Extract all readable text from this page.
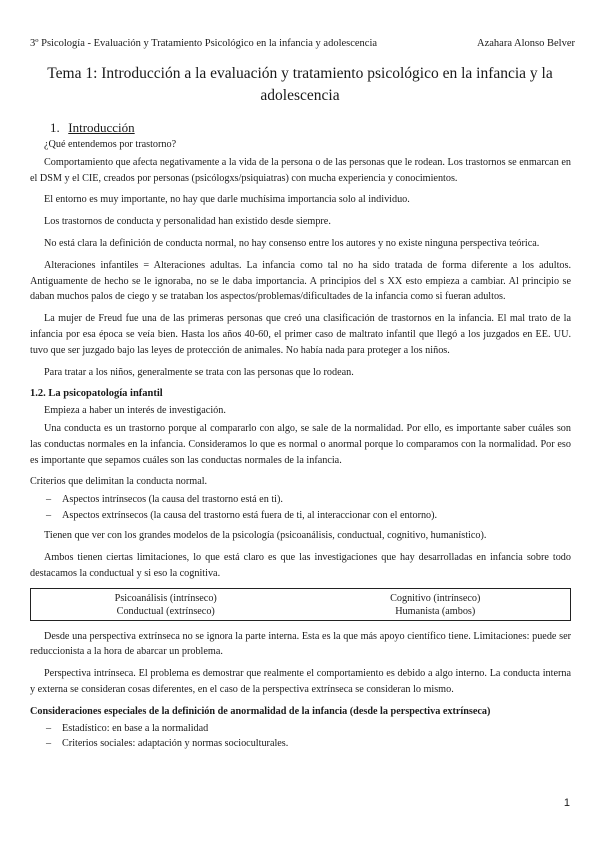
3º Psicología - Evaluación y Tratamiento Psicológico en la infancia y adolescencia	Azahara Alonso Belver
Tema 1: Introducción a la evaluación y tratamiento psicológico en la infancia y la adolescencia
1. Introducción

¿Qué entendemos por trastorno?

Comportamiento que afecta negativamente a la vida de la persona o de las personas que le rodean. Los trastornos se enmarcan en el DSM y el CIE, creados por personas (psicólogxs/psiquiatras) con mucha experiencia y conocimientos.

El entorno es muy importante, no hay que darle muchísima importancia solo al individuo.

Los trastornos de conducta y personalidad han existido desde siempre.

No está clara la definición de conducta normal, no hay consenso entre los autores y no existe ninguna perspectiva teórica.

Alteraciones infantiles = Alteraciones adultas. La infancia como tal no ha sido tratada de forma diferente a los adultos. Antiguamente de hecho se le ignoraba, no se le daba importancia. A principios del s XX esto empieza a cambiar. Al principio se daban muchos palos de ciego y se trataban los aspectos/problemas/dificultades de la infancia como si fueran adultos.

La mujer de Freud fue una de las primeras personas que creó una clasificación de trastornos en la infancia. El mal trato de la infancia por esa época se veía bien. Hasta los años 40-60, el primer caso de maltrato infantil que llegó a los juzgados en EE. UU. tuvo que ser juzgado bajo las leyes de protección de animales. No había nada para proteger a los niños.

Para tratar a los niños, generalmente se trata con las personas que lo rodean.

1.2. La psicopatología infantil

Empieza a haber un interés de investigación.

Una conducta es un trastorno porque al compararlo con algo, se sale de la normalidad. Por ello, es importante saber cuáles son las conductas normales en la infancia. Consideramos lo que es normal o anormal porque lo comparamos con la normalidad. Por eso es importante que sepamos cuáles son las conductas normales de la infancia.

Criterios que delimitan la conducta normal.

– Aspectos intrínsecos (la causa del trastorno está en ti).
– Aspectos extrínsecos (la causa del trastorno está fuera de ti, al interaccionar con el entorno).

Tienen que ver con los grandes modelos de la psicología (psicoanálisis, conductual, cognitivo, humanístico).

Ambos tienen ciertas limitaciones, lo que está claro es que las investigaciones que hay desarrolladas en infancia sobre todo destacamos la conductual y si eso la cognitiva.

Psicoanálisis (intrínseco)	Cognitivo (intrínseco)
Conductual (extrínseco)	Humanista (ambos)

Desde una perspectiva extrínseca no se ignora la parte interna. Esta es la que más apoyo científico tiene. Limitaciones: puede ser reduccionista a la hora de abarcar un problema.

Perspectiva intrínseca. El problema es demostrar que realmente el comportamiento es debido a algo interno. La conducta interna y externa se consideran cosas diferentes, en el caso de la perspectiva extrínseca se consideran lo mismo.

Consideraciones especiales de la definición de anormalidad de la infancia (desde la perspectiva extrínseca)
– Estadístico: en base a la normalidad
– Criterios sociales: adaptación y normas socioculturales.
1
